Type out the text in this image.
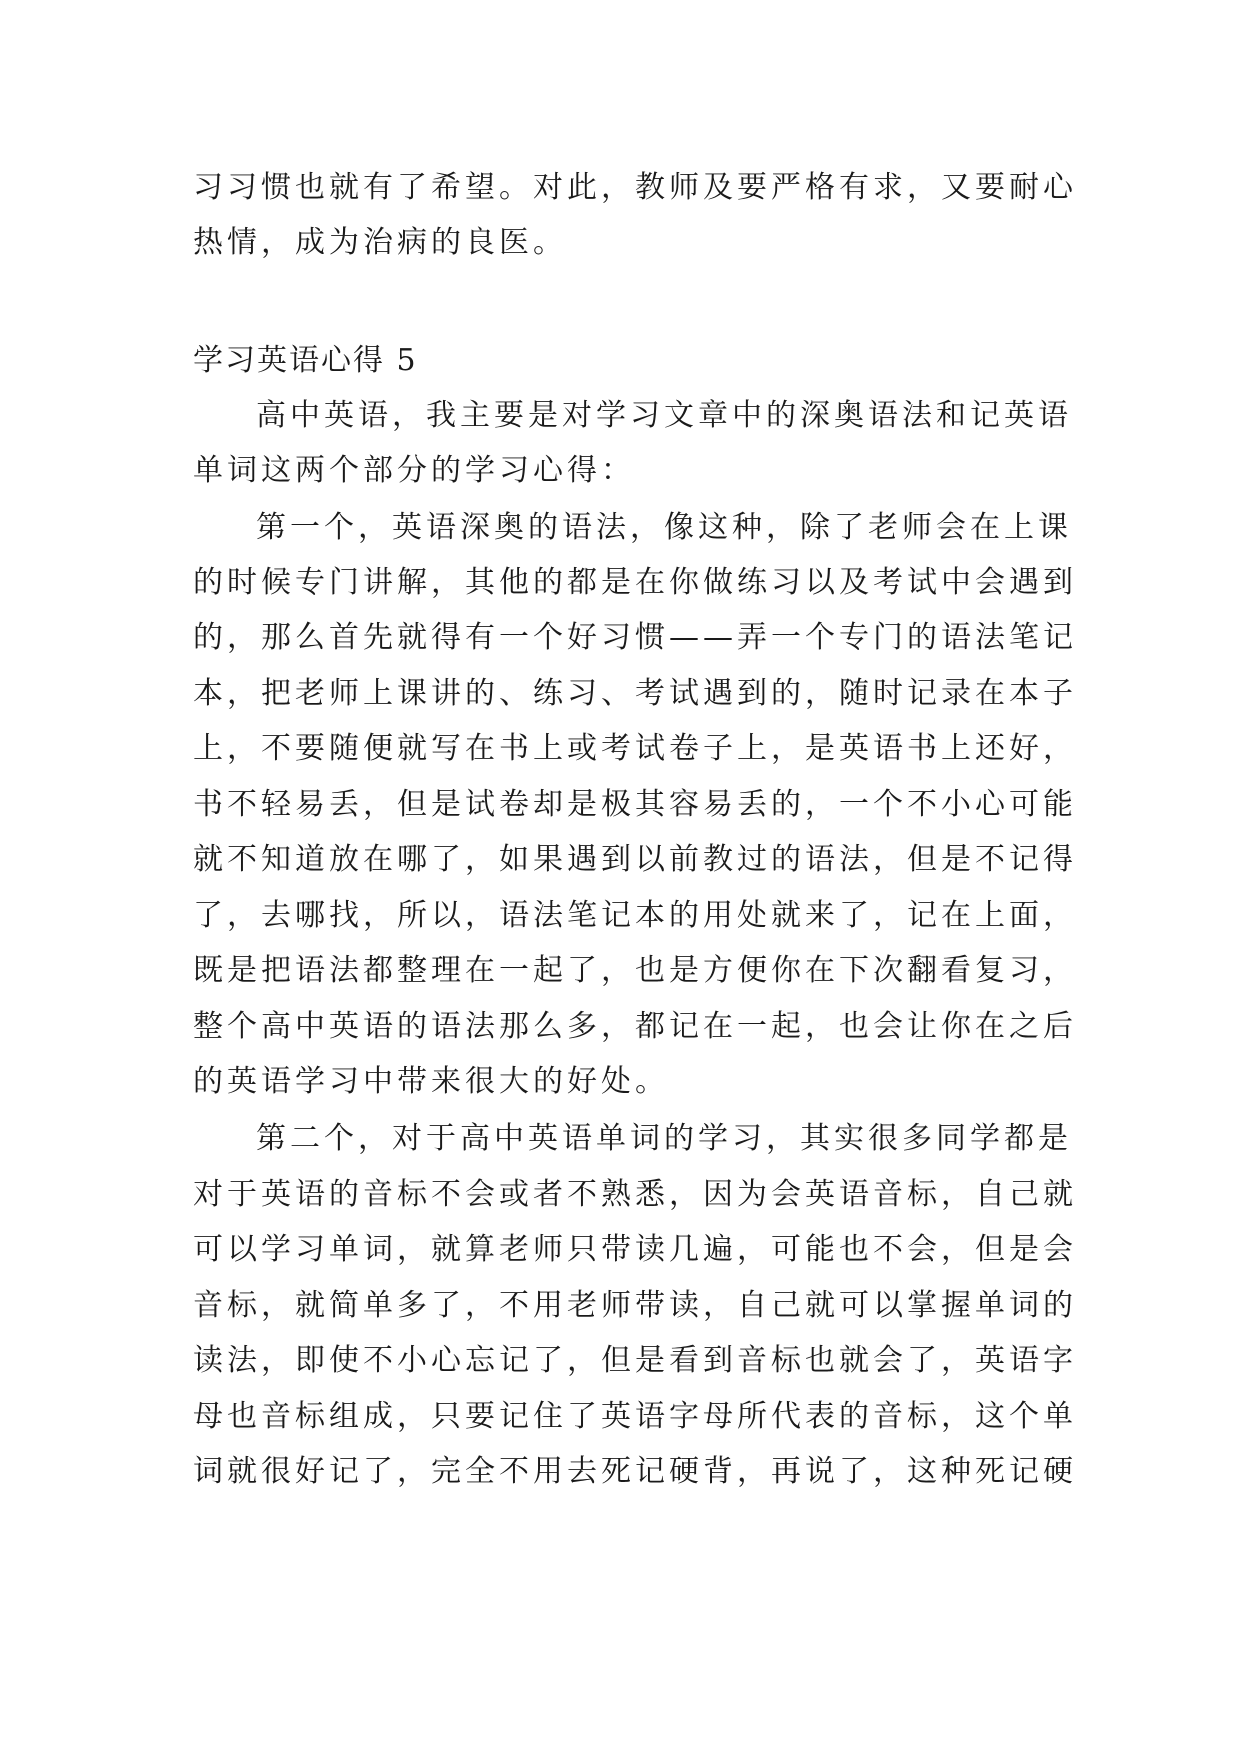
习习惯也就有了希望。对此，教师及要严格有求，又要耐心
热情，成为治病的良医。
学习英语心得 5
高中英语，我主要是对学习文章中的深奥语法和记英语
单词这两个部分的学习心得：
第一个，英语深奥的语法，像这种，除了老师会在上课
的时候专门讲解，其他的都是在你做练习以及考试中会遇到
的，那么首先就得有一个好习惯——弄一个专门的语法笔记
本，把老师上课讲的、练习、考试遇到的，随时记录在本子
上，不要随便就写在书上或考试卷子上，是英语书上还好，
书不轻易丢，但是试卷却是极其容易丢的，一个不小心可能
就不知道放在哪了，如果遇到以前教过的语法，但是不记得
了，去哪找，所以，语法笔记本的用处就来了，记在上面，
既是把语法都整理在一起了，也是方便你在下次翻看复习，
整个高中英语的语法那么多，都记在一起，也会让你在之后
的英语学习中带来很大的好处。
第二个，对于高中英语单词的学习，其实很多同学都是
对于英语的音标不会或者不熟悉，因为会英语音标，自己就
可以学习单词，就算老师只带读几遍，可能也不会，但是会
音标，就简单多了，不用老师带读，自己就可以掌握单词的
读法，即使不小心忘记了，但是看到音标也就会了，英语字
母也音标组成，只要记住了英语字母所代表的音标，这个单
词就很好记了，完全不用去死记硬背，再说了，这种死记硬
